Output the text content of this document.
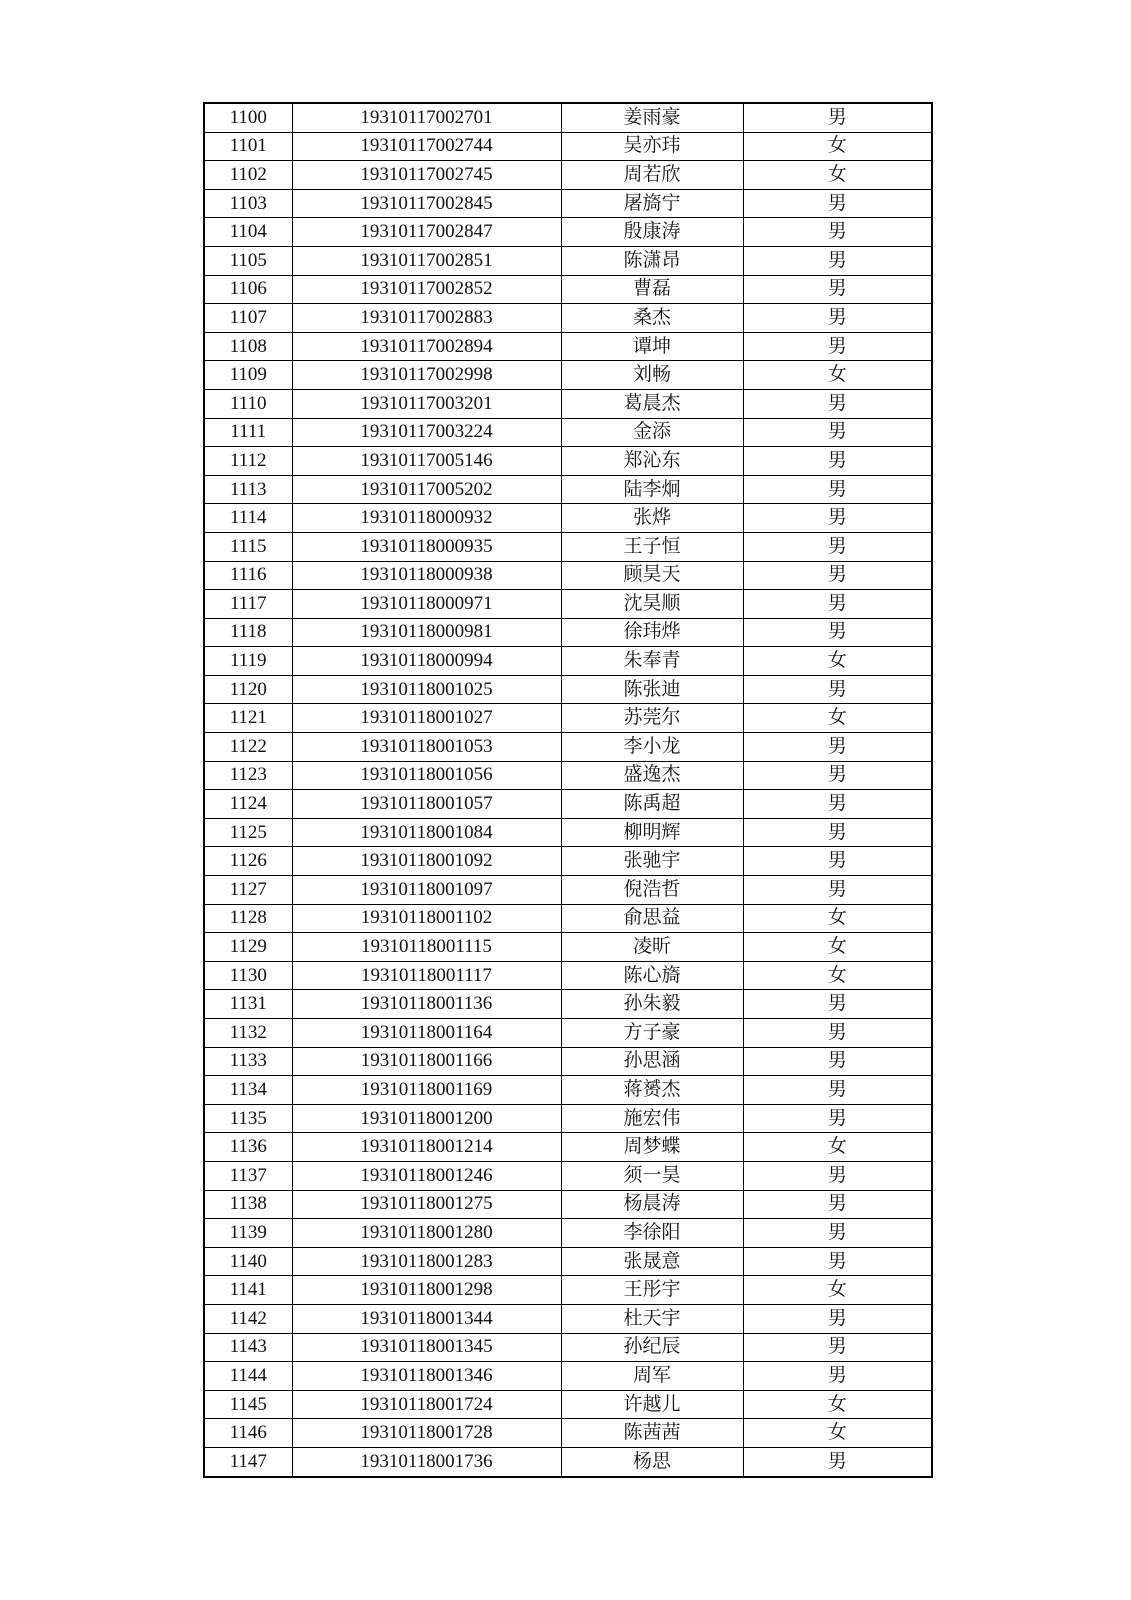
1100	19310117002701	姜雨豪	男
1101	19310117002744	吴亦玮	女
1102	19310117002745	周若欣	女
1103	19310117002845	屠旖宁	男
1104	19310117002847	殷康涛	男
1105	19310117002851	陈潇昂	男
1106	19310117002852	曹磊	男
1107	19310117002883	桑杰	男
1108	19310117002894	谭坤	男
1109	19310117002998	刘畅	女
1110	19310117003201	葛晨杰	男
1111	19310117003224	金添	男
1112	19310117005146	郑沁东	男
1113	19310117005202	陆李炯	男
1114	19310118000932	张烨	男
1115	19310118000935	王子恒	男
1116	19310118000938	顾昊天	男
1117	19310118000971	沈昊顺	男
1118	19310118000981	徐玮烨	男
1119	19310118000994	朱奉青	女
1120	19310118001025	陈张迪	男
1121	19310118001027	苏莞尔	女
1122	19310118001053	李小龙	男
1123	19310118001056	盛逸杰	男
1124	19310118001057	陈禹超	男
1125	19310118001084	柳明辉	男
1126	19310118001092	张驰宇	男
1127	19310118001097	倪浩哲	男
1128	19310118001102	俞思益	女
1129	19310118001115	凌昕	女
1130	19310118001117	陈心旖	女
1131	19310118001136	孙朱毅	男
1132	19310118001164	方子豪	男
1133	19310118001166	孙思涵	男
1134	19310118001169	蒋赟杰	男
1135	19310118001200	施宏伟	男
1136	19310118001214	周梦蝶	女
1137	19310118001246	须一昊	男
1138	19310118001275	杨晨涛	男
1139	19310118001280	李徐阳	男
1140	19310118001283	张晟意	男
1141	19310118001298	王彤宇	女
1142	19310118001344	杜天宇	男
1143	19310118001345	孙纪辰	男
1144	19310118001346	周军	男
1145	19310118001724	许越儿	女
1146	19310118001728	陈茜茜	女
1147	19310118001736	杨思	男
